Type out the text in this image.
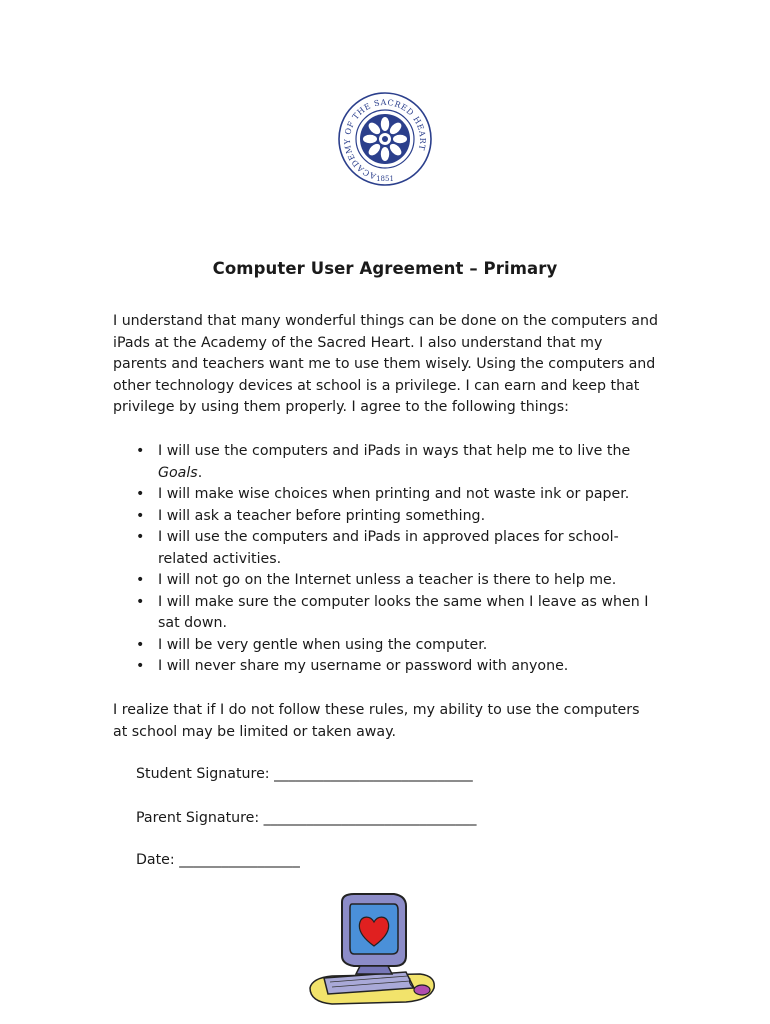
ACADEMY OF THE SACRED HEART
1851
Computer User Agreement – Primary

I understand that many wonderful things can be done on the computers and iPads at the Academy of the Sacred Heart. I also understand that my parents and teachers want me to use them wisely. Using the computers and other technology devices at school is a privilege. I can earn and keep that privilege by using them properly. I agree to the following things:

• I will use the computers and iPads in ways that help me to live the
Goals.
• I will make wise choices when printing and not waste ink or paper.
• I will ask a teacher before printing something.
• I will use the computers and iPads in approved places for school-related activities.
• I will not go on the Internet unless a teacher is there to help me.
• I will make sure the computer looks the same when I leave as when I sat down.
• I will be very gentle when using the computer.
• I will never share my username or password with anyone.

I realize that if I do not follow these rules, my ability to use the computers at school may be limited or taken away.

Student Signature: ____________________________
Parent Signature: ______________________________
Date: _________________
